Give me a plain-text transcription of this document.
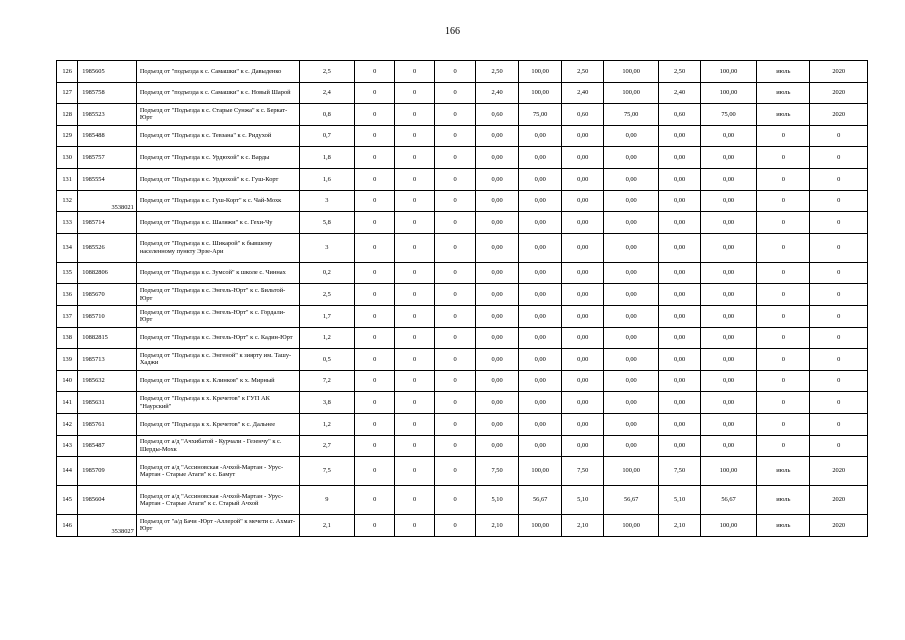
166
126	1985605	Подъезд от "подъезда к с. Самашки" к с. Давыденко	2,5	0	0	0	2,50	100,00	2,50	100,00	2,50	100,00	июль	2020
127	1985758	Подъезд от "подъезда к с. Самашки" к с. Новый Шарой	2,4	0	0	0	2,40	100,00	2,40	100,00	2,40	100,00	июль	2020
128	1985523	Подъезд от "Подъезда к с. Старые Сунжа" к с. Беркат-Юрт	0,8	0	0	0	0,60	75,00	0,60	75,00	0,60	75,00	июль	2020
129	1985488	Подъезд от "Подъезда к с. Тевзана" к с. Ридухой	0,7	0	0	0	0,00	0,00	0,00	0,00	0,00	0,00	0	0
130	1985757	Подъезд от "Подъезда к с. Урдюхой" к с. Варды	1,8	0	0	0	0,00	0,00	0,00	0,00	0,00	0,00	0	0
131	1985554	Подъезд от "Подъезда к с. Урдюхой" к с. Гуш-Корт	1,6	0	0	0	0,00	0,00	0,00	0,00	0,00	0,00	0	0
132	3538021	Подъезд от "Подъезда к с. Гуш-Корт" к с. Чай-Мохк	3	0	0	0	0,00	0,00	0,00	0,00	0,00	0,00	0	0
133	1985714	Подъезд от "Подъезда к с. Шаляжи" к с. Гехи-Чу	5,8	0	0	0	0,00	0,00	0,00	0,00	0,00	0,00	0	0
134	1985526	Подъезд от "Подъезда к с. Шикарой" к бывшему населенному пункту Эрзе-Ари	3	0	0	0	0,00	0,00	0,00	0,00	0,00	0,00	0	0
135	10882806	Подъезд от "Подъезда к с. Зумсой" к школе с. Чиннах	0,2	0	0	0	0,00	0,00	0,00	0,00	0,00	0,00	0	0
136	1985670	Подъезд от "Подъезда к с. Энгель-Юрт" к с. Бильтой-Юрт	2,5	0	0	0	0,00	0,00	0,00	0,00	0,00	0,00	0	0
137	1985710	Подъезд от "Подъезда к с. Энгель-Юрт" к с. Гордали-Юрт	1,7	0	0	0	0,00	0,00	0,00	0,00	0,00	0,00	0	0
138	10882815	Подъезд от "Подъезда к с. Энгель-Юрт" к с. Кадин-Юрт	1,2	0	0	0	0,00	0,00	0,00	0,00	0,00	0,00	0	0
139	1985713	Подъезд от "Подъезда к с. Энгеной" к зиярту им. Ташу-Хаджи	0,5	0	0	0	0,00	0,00	0,00	0,00	0,00	0,00	0	0
140	1985632	Подъезд от "Подъезда к х. Клинков" к х. Мирный	7,2	0	0	0	0,00	0,00	0,00	0,00	0,00	0,00	0	0
141	1985631	Подъезд от "Подъезда к х. Кречетов" к ГУП АК "Наурский"	3,8	0	0	0	0,00	0,00	0,00	0,00	0,00	0,00	0	0
142	1985761	Подъезд от "Подъезда к х. Кречетов" к с. Дальнее	1,2	0	0	0	0,00	0,00	0,00	0,00	0,00	0,00	0	0
143	1985487	Подъезд от а/д "Ачхибатой - Курчали - Гезенчу" к с. Шерды-Мохк	2,7	0	0	0	0,00	0,00	0,00	0,00	0,00	0,00	0	0
144	1985709	Подъезд от а/д "Ассиновская -Ачхой-Мартан - Урус-Мартан - Старые Атаги" к с. Бамут	7,5	0	0	0	7,50	100,00	7,50	100,00	7,50	100,00	июль	2020
145	1985604	Подъезд от а/д "Ассиновская -Ачхой-Мартан - Урус-Мартан - Старые Атаги" к с. Старый Ачхой	9	0	0	0	5,10	56,67	5,10	56,67	5,10	56,67	июль	2020
146	3538027	Подъезд от "а/д Бачи -Юрт -Аллерой" к мечети с. Ахмат-Юрт	2,1	0	0	0	2,10	100,00	2,10	100,00	2,10	100,00	июль	2020
